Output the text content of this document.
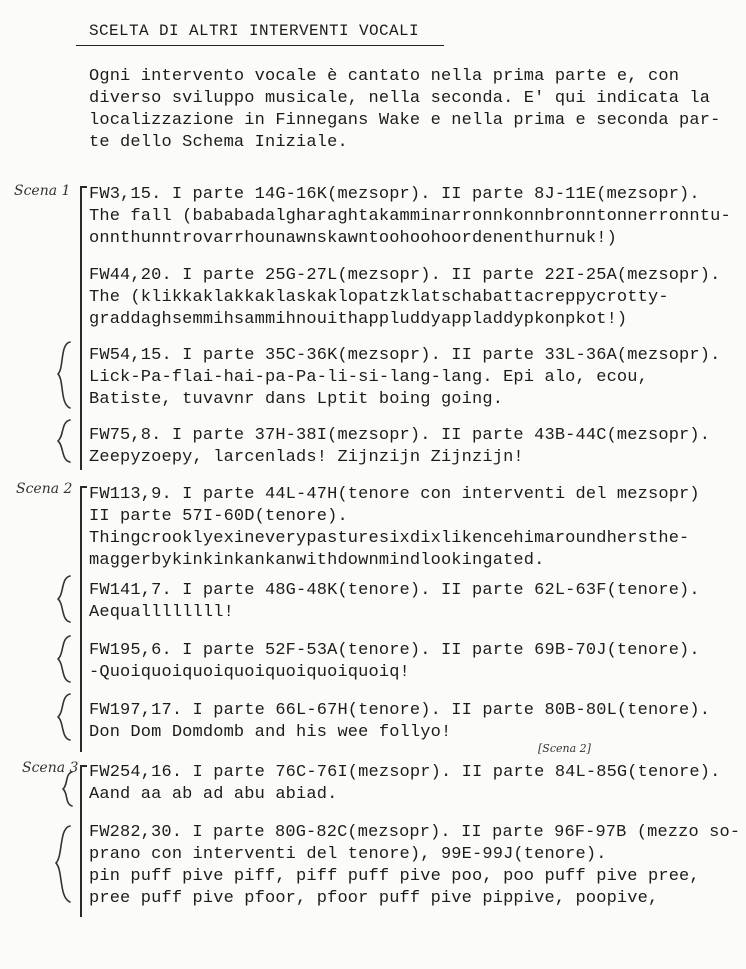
SCELTA DI ALTRI INTERVENTI VOCALI
Ogni intervento vocale è cantato nella prima parte e, con
diverso sviluppo musicale, nella seconda. E' qui indicata la
localizzazione in Finnegans Wake e nella prima e seconda par-
te dello Schema Iniziale.
Scena 1
Scena 2
Scena 3
[Scena 2]
FW3,15. I parte 14G-16K(mezsopr). II parte 8J-11E(mezsopr).
The fall (bababadalgharaghtakamminarronnkonnbronntonnerronntu-
onnthunntrovarrhounawnskawntoohoohoordenenthurnuk!)
FW44,20. I parte 25G-27L(mezsopr). II parte 22I-25A(mezsopr).
The (klikkaklakkaklaskaklopatzklatschabattacreppycrotty-
graddaghsemmihsammihnouithappluddyappladdypkonpkot!)
FW54,15. I parte 35C-36K(mezsopr). II parte 33L-36A(mezsopr).
Lick-Pa-flai-hai-pa-Pa-li-si-lang-lang. Epi alo, ecou,
Batiste, tuvavnr dans Lptit boing going.
FW75,8. I parte 37H-38I(mezsopr). II parte 43B-44C(mezsopr).
Zeepyzoepy, larcenlads! Zijnzijn Zijnzijn!
FW113,9. I parte 44L-47H(tenore con interventi del mezsopr)
II parte 57I-60D(tenore).
Thingcrooklyexineverypasturesixdixlikencehimaroundhersthe-
maggerbykinkinkankanwithdownmindlookingated.
FW141,7. I parte 48G-48K(tenore). II parte 62L-63F(tenore).
Aequallllllll!
FW195,6. I parte 52F-53A(tenore). II parte 69B-70J(tenore).
-Quoiquoiquoiquoiquoiquoiquoiq!
FW197,17. I parte 66L-67H(tenore). II parte 80B-80L(tenore).
Don Dom Domdomb and his wee follyo!
FW254,16. I parte 76C-76I(mezsopr). II parte 84L-85G(tenore).
Aand aa ab ad abu abiad.
FW282,30. I parte 80G-82C(mezsopr). II parte 96F-97B (mezzo so-
prano con interventi del tenore), 99E-99J(tenore).
pin puff pive piff, piff puff pive poo, poo puff pive pree,
pree puff pive pfoor, pfoor puff pive pippive, poopive,
